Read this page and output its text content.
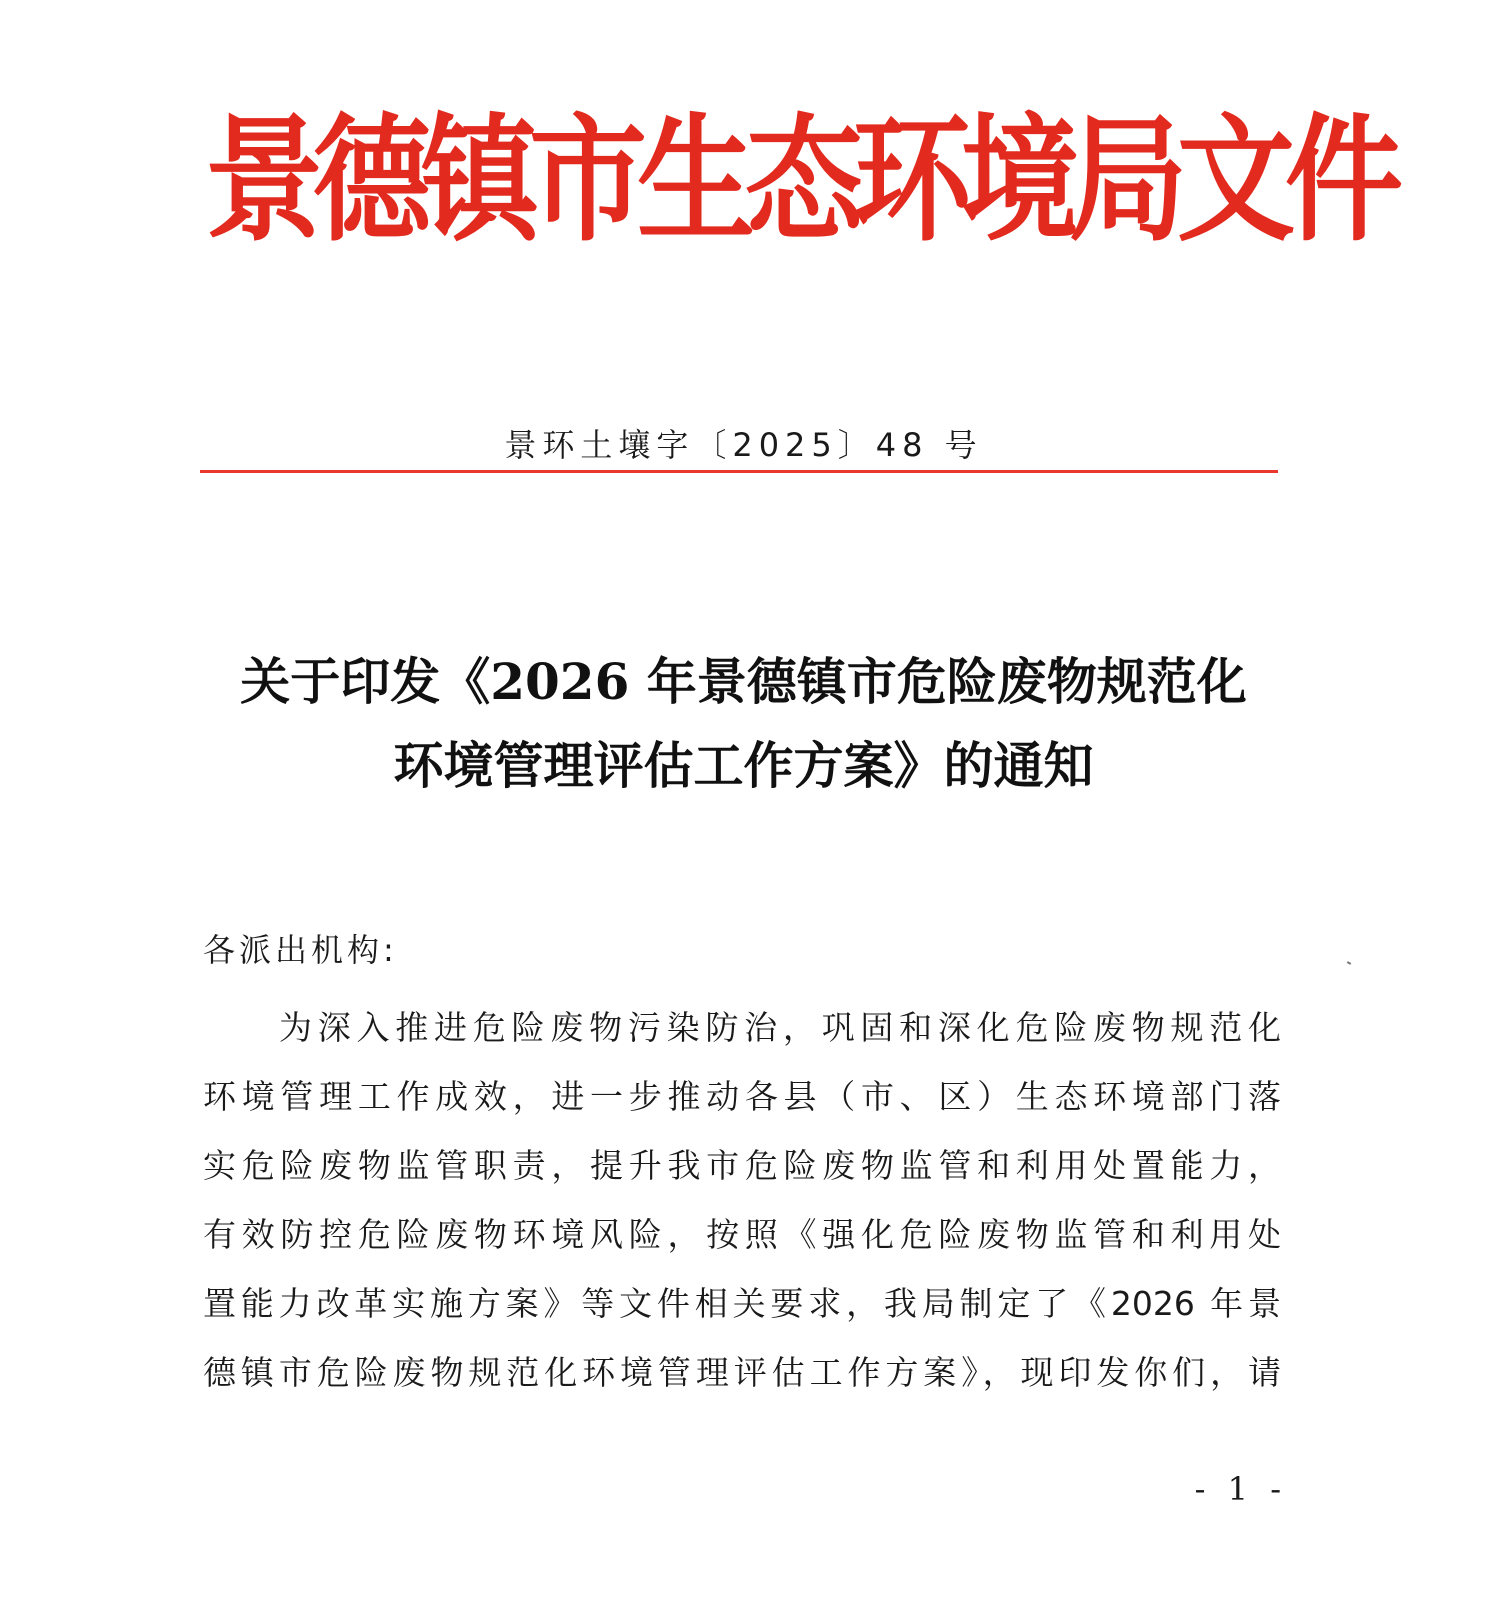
景德镇市生态环境局文件
景环土壤字〔2025〕48 号
关于印发《2026 年景德镇市危险废物规范化
环境管理评估工作方案》的通知
各派出机构:
为深入推进危险废物污染防治，巩固和深化危险废物规范化
环境管理工作成效，进一步推动各县（市、区）生态环境部门落
实危险废物监管职责，提升我市危险废物监管和利用处置能力，
有效防控危险废物环境风险，按照《强化危险废物监管和利用处
置能力改革实施方案》等文件相关要求，我局制定了《2026 年景
德镇市危险废物规范化环境管理评估工作方案》，现印发你们，请
- 1 -
